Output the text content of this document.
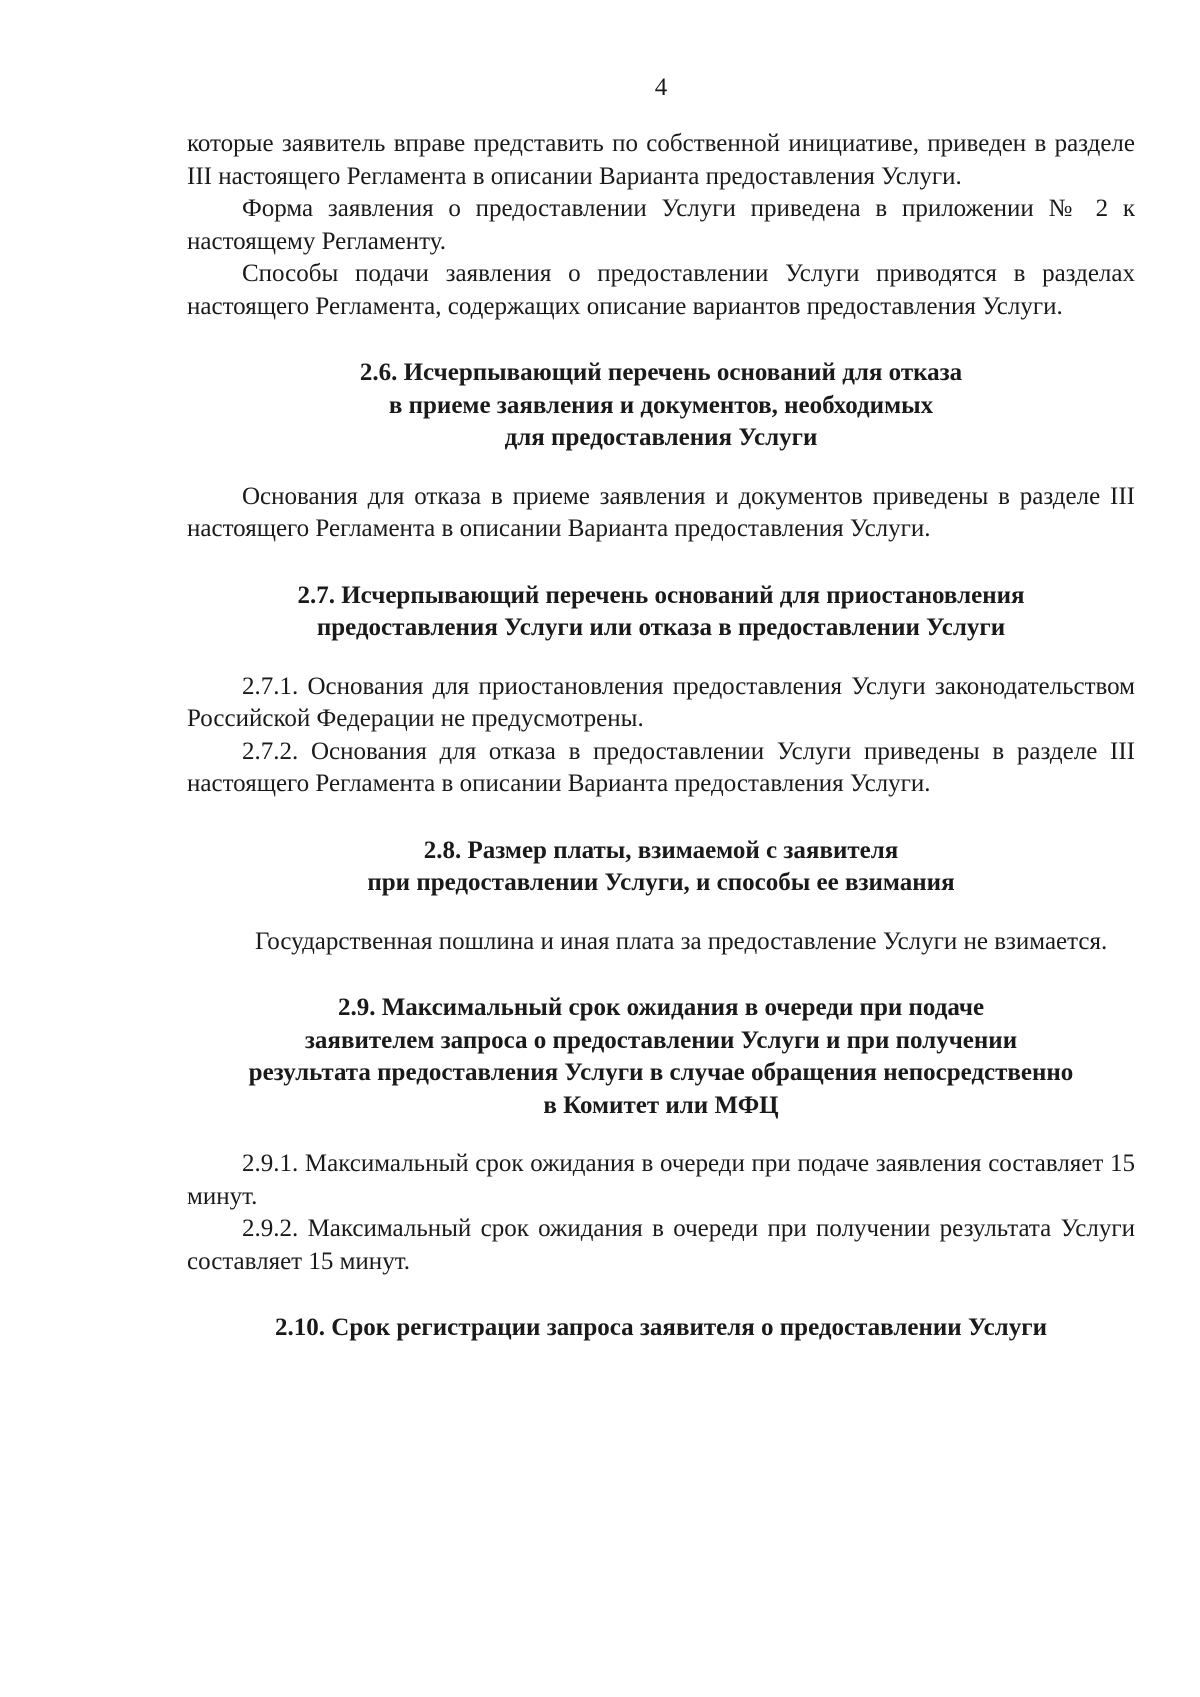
4

которые заявитель вправе представить по собственной инициативе, приведен в разделе III настоящего Регламента в описании Варианта предоставления Услуги.

Форма заявления о предоставлении Услуги приведена в приложении № 2 к настоящему Регламенту.

Способы подачи заявления о предоставлении Услуги приводятся в разделах настоящего Регламента, содержащих описание вариантов предоставления Услуги.

2.6. Исчерпывающий перечень оснований для отказа
в приеме заявления и документов, необходимых
для предоставления Услуги

Основания для отказа в приеме заявления и документов приведены в разделе III настоящего Регламента в описании Варианта предоставления Услуги.

2.7. Исчерпывающий перечень оснований для приостановления
предоставления Услуги или отказа в предоставлении Услуги

2.7.1. Основания для приостановления предоставления Услуги законодательством Российской Федерации не предусмотрены.

2.7.2. Основания для отказа в предоставлении Услуги приведены в разделе III настоящего Регламента в описании Варианта предоставления Услуги.

2.8. Размер платы, взимаемой с заявителя
при предоставлении Услуги, и способы ее взимания

Государственная пошлина и иная плата за предоставление Услуги не взимается.

2.9. Максимальный срок ожидания в очереди при подаче
заявителем запроса о предоставлении Услуги и при получении
результата предоставления Услуги в случае обращения непосредственно
в Комитет или МФЦ

2.9.1. Максимальный срок ожидания в очереди при подаче заявления составляет 15 минут.

2.9.2. Максимальный срок ожидания в очереди при получении результата Услуги составляет 15 минут.

2.10. Срок регистрации запроса заявителя о предоставлении Услуги
